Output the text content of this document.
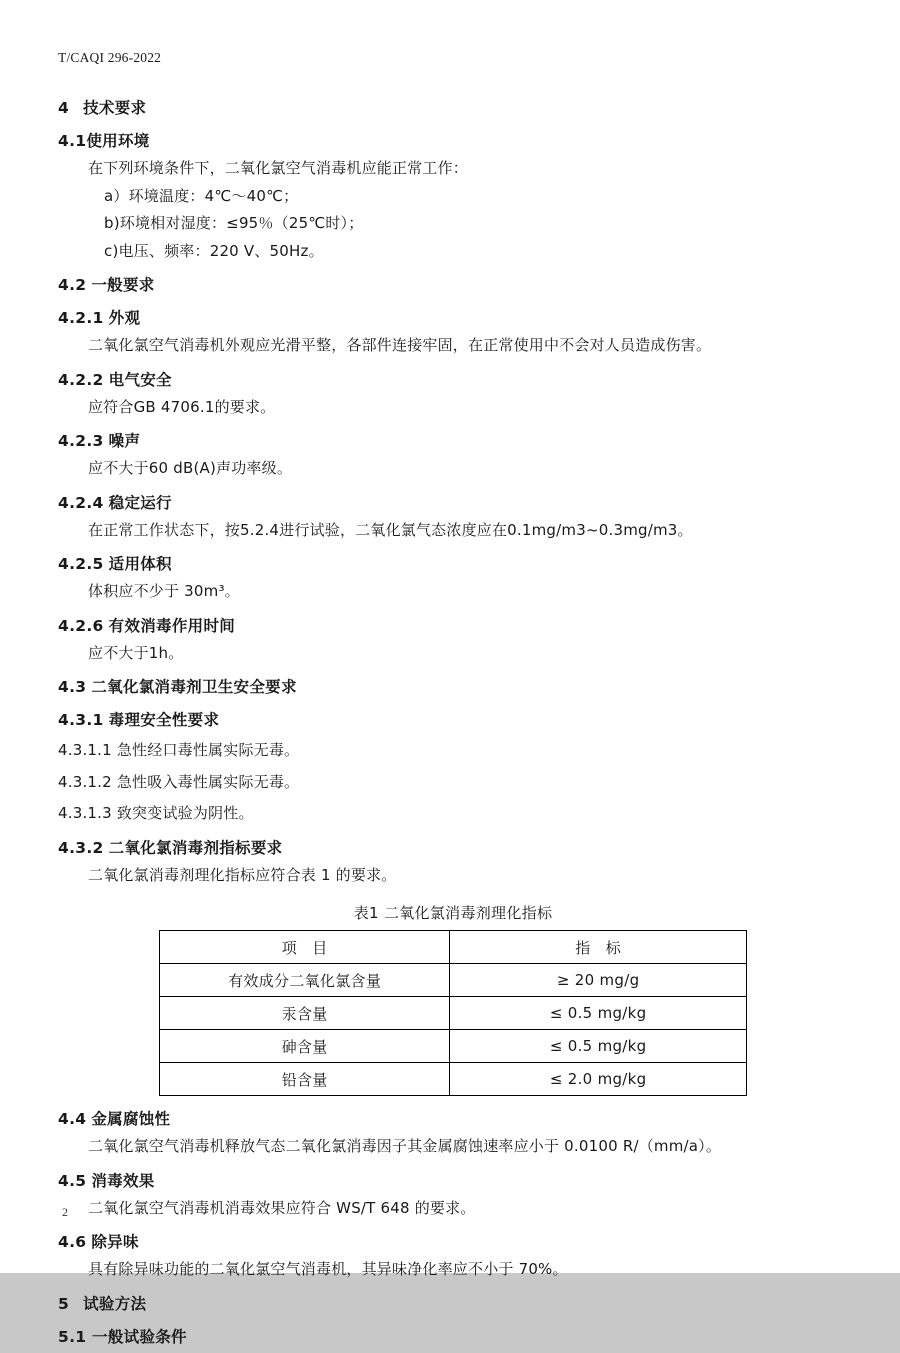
T/CAQI 296-2022
4 技术要求
4.1使用环境
在下列环境条件下，二氧化氯空气消毒机应能正常工作：
a）环境温度：4℃～40℃；
b)环境相对湿度：≤95％（25℃时）；
c)电压、频率：220 V、50Hz。
4.2 一般要求
4.2.1 外观
二氧化氯空气消毒机外观应光滑平整，各部件连接牢固，在正常使用中不会对人员造成伤害。
4.2.2 电气安全
应符合GB 4706.1的要求。
4.2.3 噪声
应不大于60 dB(A)声功率级。
4.2.4 稳定运行
在正常工作状态下，按5.2.4进行试验，二氧化氯气态浓度应在0.1mg/m3~0.3mg/m3。
4.2.5 适用体积
体积应不少于 30m³。
4.2.6 有效消毒作用时间
应不大于1h。
4.3 二氧化氯消毒剂卫生安全要求
4.3.1 毒理安全性要求
4.3.1.1 急性经口毒性属实际无毒。
4.3.1.2 急性吸入毒性属实际无毒。
4.3.1.3 致突变试验为阴性。
4.3.2 二氧化氯消毒剂指标要求
二氧化氯消毒剂理化指标应符合表 1 的要求。
表1 二氧化氯消毒剂理化指标
项　目	指　标
有效成分二氧化氯含量	≥ 20 mg/g
汞含量	≤ 0.5 mg/kg
砷含量	≤ 0.5 mg/kg
铅含量	≤ 2.0 mg/kg
4.4 金属腐蚀性
二氧化氯空气消毒机释放气态二氧化氯消毒因子其金属腐蚀速率应小于 0.0100 R/（mm/a）。
4.5 消毒效果
二氧化氯空气消毒机消毒效果应符合 WS/T 648 的要求。
4.6 除异味
具有除异味功能的二氧化氯空气消毒机，其异味净化率应不小于 70%。
5 试验方法
5.1 一般试验条件
2
